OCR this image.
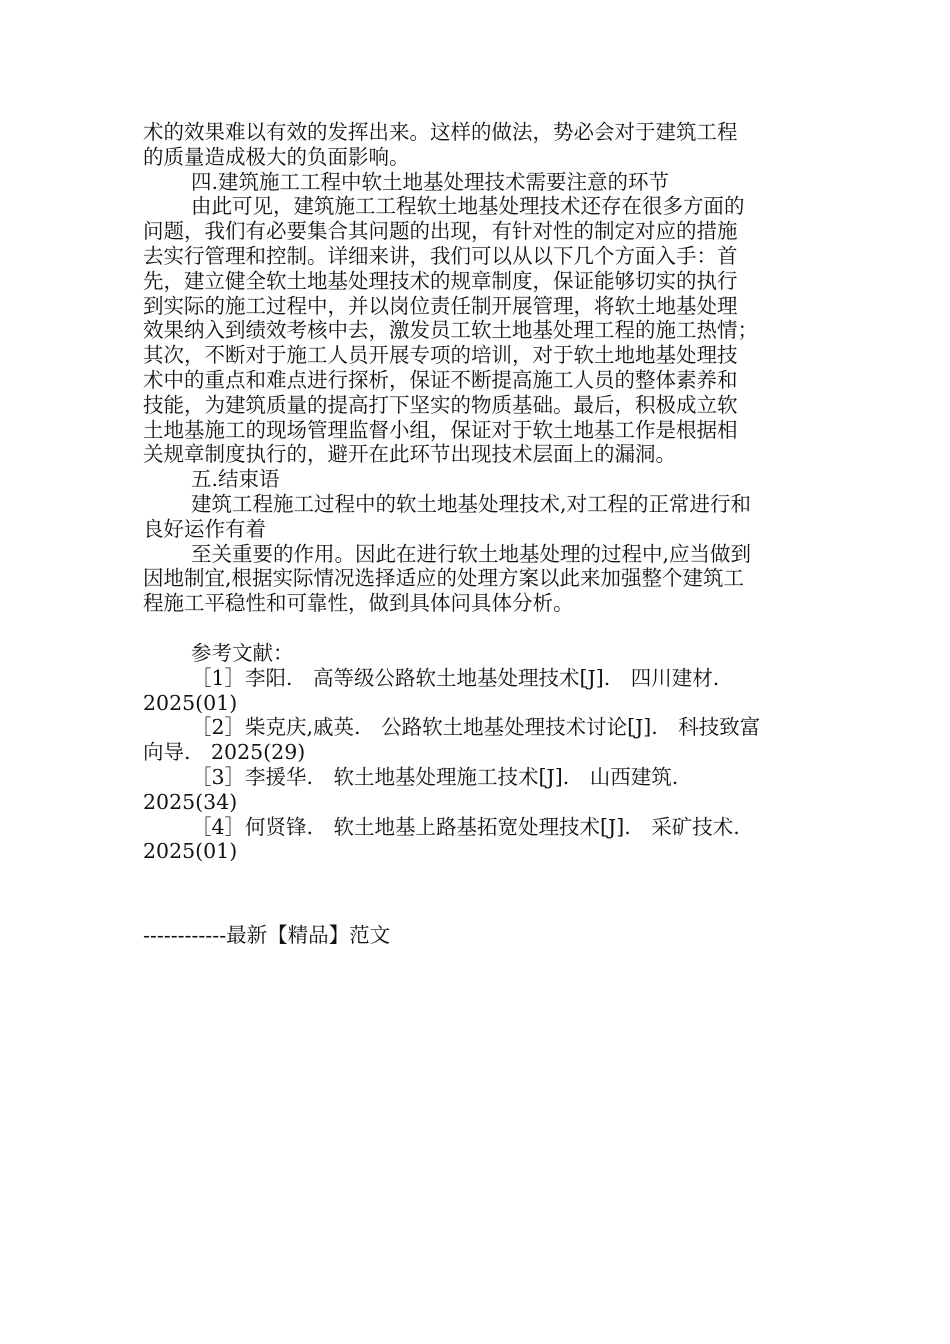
术的效果难以有效的发挥出来。这样的做法，势必会对于建筑工程
的质量造成极大的负面影响。
四.建筑施工工程中软土地基处理技术需要注意的环节
由此可见，建筑施工工程软土地基处理技术还存在很多方面的
问题，我们有必要集合其问题的出现，有针对性的制定对应的措施
去实行管理和控制。详细来讲，我们可以从以下几个方面入手：首
先，建立健全软土地基处理技术的规章制度，保证能够切实的执行
到实际的施工过程中，并以岗位责任制开展管理，将软土地基处理
效果纳入到绩效考核中去，激发员工软土地基处理工程的施工热情；
其次，不断对于施工人员开展专项的培训，对于软土地地基处理技
术中的重点和难点进行探析，保证不断提高施工人员的整体素养和
技能，为建筑质量的提高打下坚实的物质基础。最后，积极成立软
土地基施工的现场管理监督小组，保证对于软土地基工作是根据相
关规章制度执行的，避开在此环节出现技术层面上的漏洞。
五.结束语
建筑工程施工过程中的软土地基处理技术,对工程的正常进行和
良好运作有着
至关重要的作用。因此在进行软土地基处理的过程中,应当做到
因地制宜,根据实际情况选择适应的处理方案以此来加强整个建筑工
程施工平稳性和可靠性，做到具体问具体分析。
参考文献：
［1］李阳.　高等级公路软土地基处理技术[J].　四川建材.
2025(01)
［2］柴克庆,戚英.　公路软土地基处理技术讨论[J].　科技致富
向导.　2025(29)
［3］李援华.　软土地基处理施工技术[J].　山西建筑.
2025(34)
［4］何贤锋.　软土地基上路基拓宽处理技术[J].　采矿技术.
2025(01)
------------最新【精品】范文
